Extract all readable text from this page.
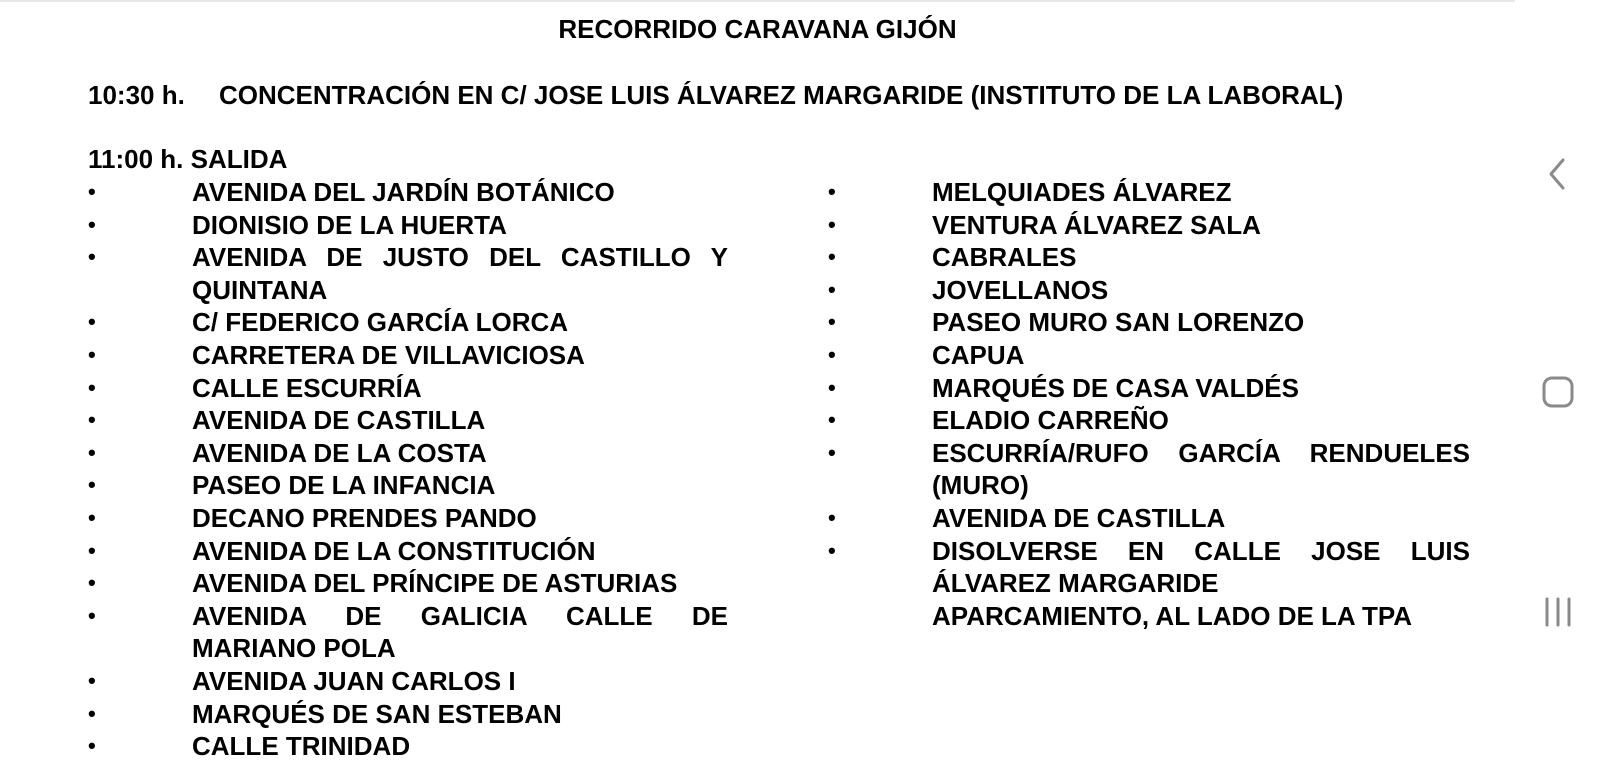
RECORRIDO CARAVANA GIJÓN
10:30 h. CONCENTRACIÓN EN C/ JOSE LUIS ÁLVAREZ MARGARIDE (INSTITUTO DE LA LABORAL)
11:00 h. SALIDA
•	AVENIDA DEL JARDÍN BOTÁNICO
•	DIONISIO DE LA HUERTA
•	AVENIDA DE JUSTO DEL CASTILLO Y QUINTANA
•	C/ FEDERICO GARCÍA LORCA
•	CARRETERA DE VILLAVICIOSA
•	CALLE ESCURRÍA
•	AVENIDA DE CASTILLA
•	AVENIDA DE LA COSTA
•	PASEO DE LA INFANCIA
•	DECANO PRENDES PANDO
•	AVENIDA DE LA CONSTITUCIÓN
•	AVENIDA DEL PRÍNCIPE DE ASTURIAS
•	AVENIDA DE GALICIA CALLE DE MARIANO POLA
•	AVENIDA JUAN CARLOS I
•	MARQUÉS DE SAN ESTEBAN
•	CALLE TRINIDAD
•	MELQUIADES ÁLVAREZ
•	VENTURA ÁLVAREZ SALA
•	CABRALES
•	JOVELLANOS
•	PASEO MURO SAN LORENZO
•	CAPUA
•	MARQUÉS DE CASA VALDÉS
•	ELADIO CARREÑO
•	ESCURRÍA/RUFO GARCÍA RENDUELES (MURO)
•	AVENIDA DE CASTILLA
•	DISOLVERSE EN CALLE JOSE LUIS ÁLVAREZ MARGARIDE
APARCAMIENTO, AL LADO DE LA TPA
